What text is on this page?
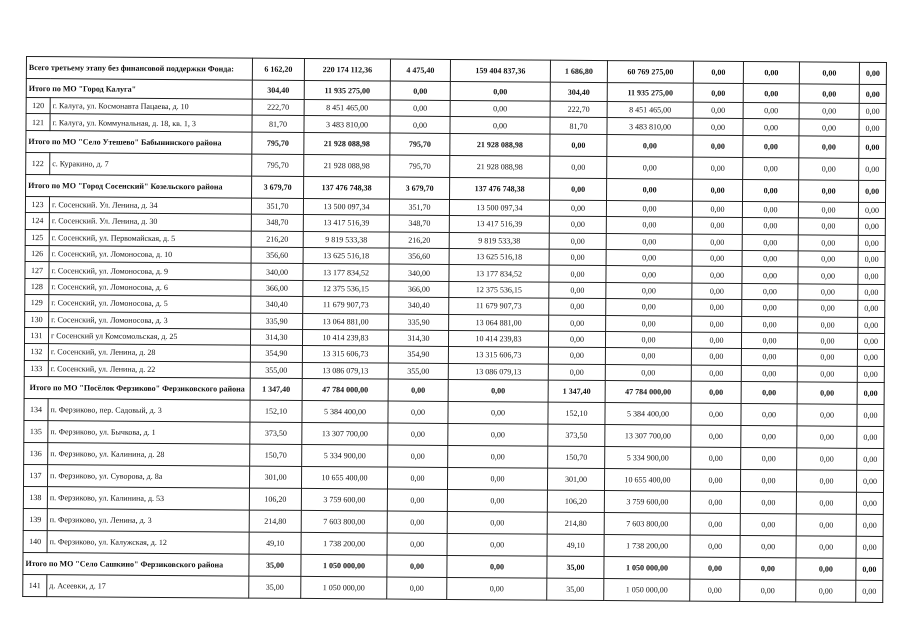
Всего третьему этапу без финансовой поддержки Фонда:		6 162,20	220 174 112,36	4 475,40	159 404 837,36	1 686,80	60 769 275,00	0,00	0,00	0,00	0,00
Итого по МО "Город Калуга"		304,40	11 935 275,00	0,00	0,00	304,40	11 935 275,00	0,00	0,00	0,00	0,00
120	г. Калуга, ул. Космонавта Пацаева, д. 10	222,70	8 451 465,00	0,00	0,00	222,70	8 451 465,00	0,00	0,00	0,00	0,00
121	г. Калуга, ул. Коммунальная, д. 18, кв. 1, 3	81,70	3 483 810,00	0,00	0,00	81,70	3 483 810,00	0,00	0,00	0,00	0,00
Итого по МО "Село Утешево" Бабынинского района		795,70	21 928 088,98	795,70	21 928 088,98	0,00	0,00	0,00	0,00	0,00	0,00
122	с. Куракино, д. 7	795,70	21 928 088,98	795,70	21 928 088,98	0,00	0,00	0,00	0,00	0,00	0,00
Итого по МО "Город Сосенский" Козельского района		3 679,70	137 476 748,38	3 679,70	137 476 748,38	0,00	0,00	0,00	0,00	0,00	0,00
123	г. Сосенский. Ул. Ленина, д. 34	351,70	13 500 097,34	351,70	13 500 097,34	0,00	0,00	0,00	0,00	0,00	0,00
124	г. Сосенский. Ул. Ленина, д. 30	348,70	13 417 516,39	348,70	13 417 516,39	0,00	0,00	0,00	0,00	0,00	0,00
125	г. Сосенский, ул. Первомайская, д. 5	216,20	9 819 533,38	216,20	9 819 533,38	0,00	0,00	0,00	0,00	0,00	0,00
126	г. Сосенский, ул. Ломоносова, д. 10	356,60	13 625 516,18	356,60	13 625 516,18	0,00	0,00	0,00	0,00	0,00	0,00
127	г. Сосенский, ул. Ломоносова, д. 9	340,00	13 177 834,52	340,00	13 177 834,52	0,00	0,00	0,00	0,00	0,00	0,00
128	г. Сосенский, ул. Ломоносова, д. 6	366,00	12 375 536,15	366,00	12 375 536,15	0,00	0,00	0,00	0,00	0,00	0,00
129	г. Сосенский, ул. Ломоносова, д. 5	340,40	11 679 907,73	340,40	11 679 907,73	0,00	0,00	0,00	0,00	0,00	0,00
130	г. Сосенский, ул. Ломоносова, д. 3	335,90	13 064 881,00	335,90	13 064 881,00	0,00	0,00	0,00	0,00	0,00	0,00
131	г Сосенский ул Комсомольская, д. 25	314,30	10 414 239,83	314,30	10 414 239,83	0,00	0,00	0,00	0,00	0,00	0,00
132	г. Сосенский, ул. Ленина, д. 28	354,90	13 315 606,73	354,90	13 315 606,73	0,00	0,00	0,00	0,00	0,00	0,00
133	г. Сосенский, ул. Ленина, д. 22	355,00	13 086 079,13	355,00	13 086 079,13	0,00	0,00	0,00	0,00	0,00	0,00
Итого по МО "Посёлок Ферзиково" Ферзиковского района		1 347,40	47 784 000,00	0,00	0,00	1 347,40	47 784 000,00	0,00	0,00	0,00	0,00
134	п. Ферзиково, пер. Садовый, д. 3	152,10	5 384 400,00	0,00	0,00	152,10	5 384 400,00	0,00	0,00	0,00	0,00
135	п. Ферзиково, ул. Бычкова, д. 1	373,50	13 307 700,00	0,00	0,00	373,50	13 307 700,00	0,00	0,00	0,00	0,00
136	п. Ферзиково, ул. Калинина, д. 28	150,70	5 334 900,00	0,00	0,00	150,70	5 334 900,00	0,00	0,00	0,00	0,00
137	п. Ферзиково, ул. Суворова, д. 8а	301,00	10 655 400,00	0,00	0,00	301,00	10 655 400,00	0,00	0,00	0,00	0,00
138	п. Ферзиково, ул. Калинина, д. 53	106,20	3 759 600,00	0,00	0,00	106,20	3 759 600,00	0,00	0,00	0,00	0,00
139	п. Ферзиково, ул. Ленина, д. 3	214,80	7 603 800,00	0,00	0,00	214,80	7 603 800,00	0,00	0,00	0,00	0,00
140	п. Ферзиково, ул. Калужская, д. 12	49,10	1 738 200,00	0,00	0,00	49,10	1 738 200,00	0,00	0,00	0,00	0,00
Итого по МО "Село Сашкино" Ферзиковского района		35,00	1 050 000,00	0,00	0,00	35,00	1 050 000,00	0,00	0,00	0,00	0,00
141	д. Асеевки, д. 17	35,00	1 050 000,00	0,00	0,00	35,00	1 050 000,00	0,00	0,00	0,00	0,00
